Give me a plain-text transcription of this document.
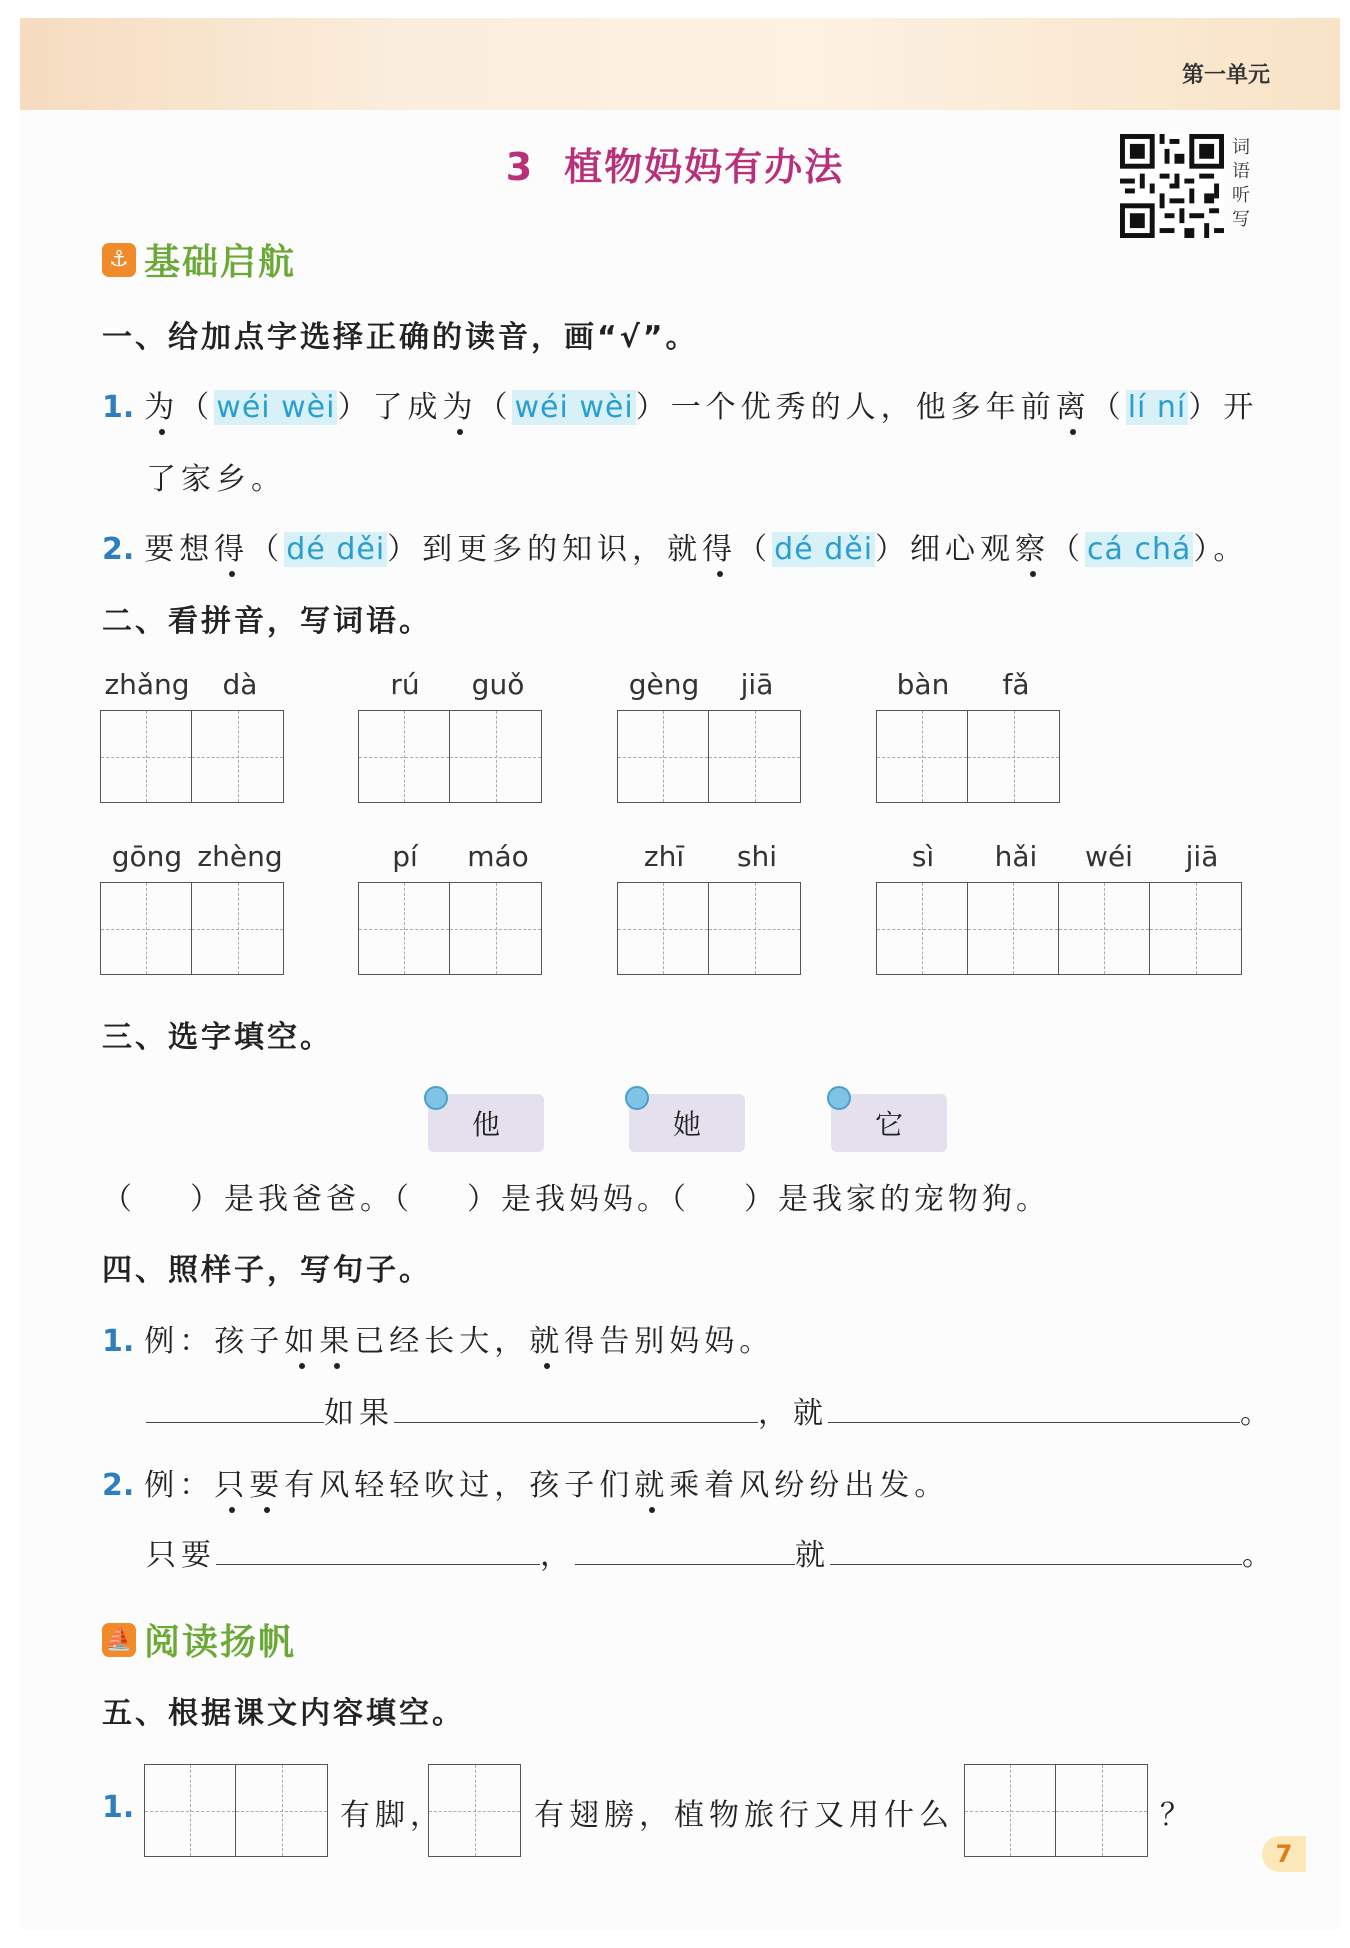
第一单元
3 植物妈妈有办法	词语听写
⚓ 基础启航
一、给加点字选择正确的读音，画“√”。
1. 为（wéi wèi）了成为（wéi wèi）一个优秀的人，他多年前离（lí ní）开
了家乡。
2. 要想得（dé děi）到更多的知识，就得（dé děi）细心观察（cá chá）。
二、看拼音，写词语。
zhǎng dà	rú guǒ	gèng jiā	bàn fǎ
gōng zhèng	pí máo	zhī shi	sì hǎi wéi jiā
三、选字填空。
他	她	它
（ ）是我爸爸。（ ）是我妈妈。（ ）是我家的宠物狗。
四、照样子，写句子。
1. 例：孩子如果已经长大，就得告别妈妈。
如果	，就	。
2. 例：只要有风轻轻吹过，孩子们就乘着风纷纷出发。
只要	，	就	。
⛵ 阅读扬帆
五、根据课文内容填空。
1.	有脚，	有翅膀，植物旅行又用什么	？
7
